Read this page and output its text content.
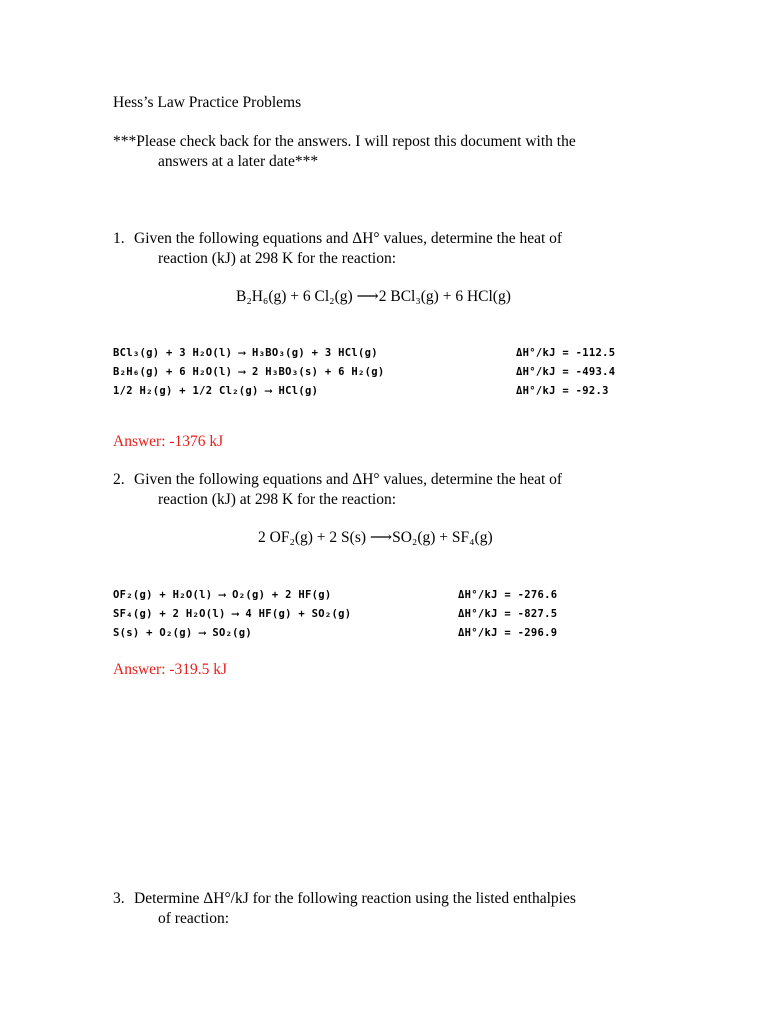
Hess’s Law Practice Problems
***Please check back for the answers. I will repost this document with the
answers at a later date***
1. Given the following equations and ΔH° values, determine the heat of
reaction (kJ) at 298 K for the reaction:
B₂H₆(g) + 6 Cl₂(g) ⟶2 BCl₃(g) + 6 HCl(g)
BCl₃(g) + 3 H₂O(l) ⟶ H₃BO₃(g) + 3 HCl(g)	ΔH°/kJ = -112.5
B₂H₆(g) + 6 H₂O(l) ⟶ 2 H₃BO₃(s) + 6 H₂(g)	ΔH°/kJ = -493.4
1/2 H₂(g) + 1/2 Cl₂(g) ⟶ HCl(g)	ΔH°/kJ = -92.3
Answer: -1376 kJ
2. Given the following equations and ΔH° values, determine the heat of
reaction (kJ) at 298 K for the reaction:
2 OF₂(g) + 2 S(s) ⟶SO₂(g) + SF₄(g)
OF₂(g) + H₂O(l) ⟶ O₂(g) + 2 HF(g)	ΔH°/kJ = -276.6
SF₄(g) + 2 H₂O(l) ⟶ 4 HF(g) + SO₂(g)	ΔH°/kJ = -827.5
S(s) + O₂(g) ⟶ SO₂(g)	ΔH°/kJ = -296.9
Answer: -319.5 kJ
3. Determine ΔH°/kJ for the following reaction using the listed enthalpies
of reaction:
